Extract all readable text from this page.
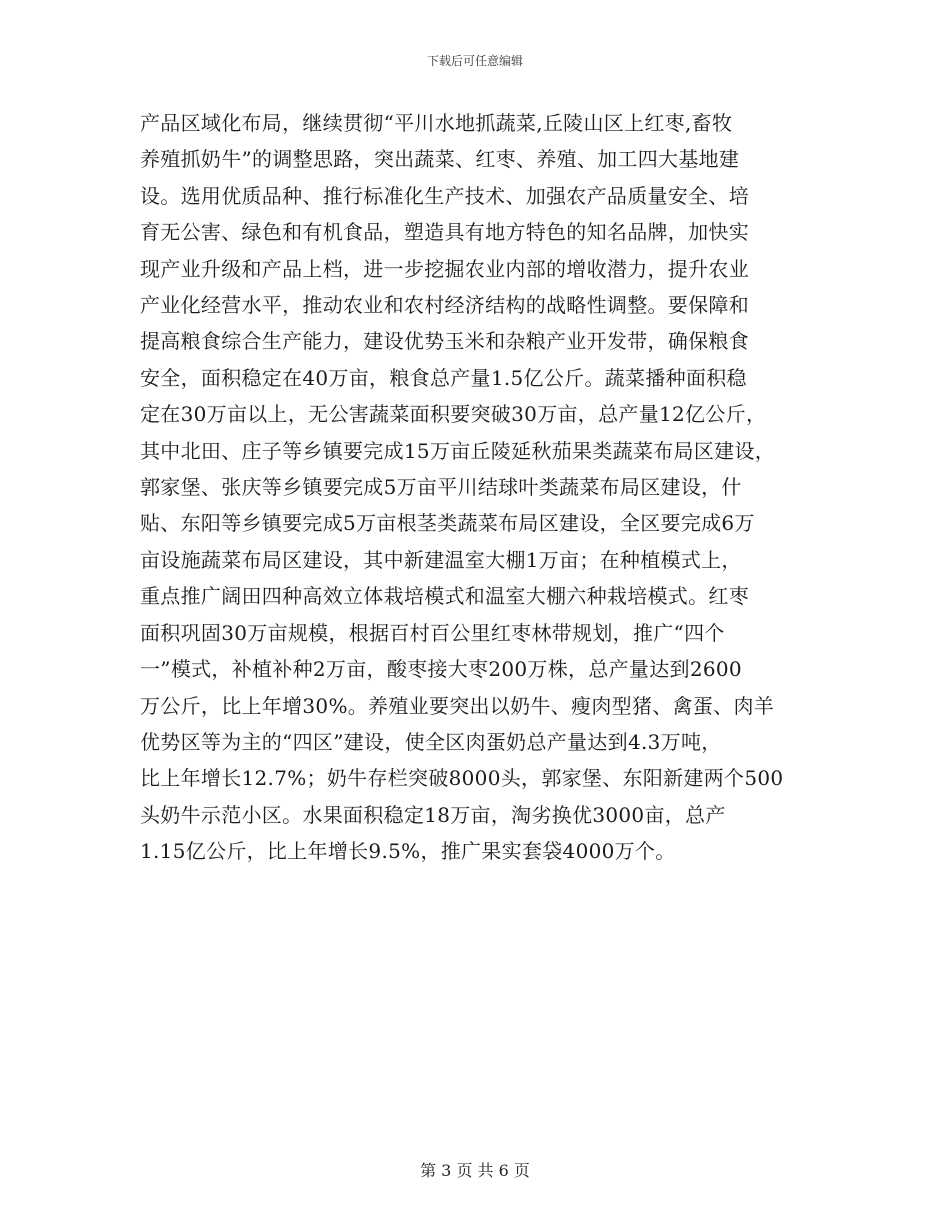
下载后可任意编辑
产品区域化布局，继续贯彻“平川水地抓蔬菜,丘陵山区上红枣,畜牧
养殖抓奶牛”的调整思路，突出蔬菜、红枣、养殖、加工四大基地建
设。选用优质品种、推行标准化生产技术、加强农产品质量安全、培
育无公害、绿色和有机食品，塑造具有地方特色的知名品牌，加快实
现产业升级和产品上档，进一步挖掘农业内部的增收潜力，提升农业
产业化经营水平，推动农业和农村经济结构的战略性调整。要保障和
提高粮食综合生产能力，建设优势玉米和杂粮产业开发带，确保粮食
安全，面积稳定在40万亩，粮食总产量1.5亿公斤。蔬菜播种面积稳
定在30万亩以上，无公害蔬菜面积要突破30万亩，总产量12亿公斤，
其中北田、庄子等乡镇要完成15万亩丘陵延秋茄果类蔬菜布局区建设，
郭家堡、张庆等乡镇要完成5万亩平川结球叶类蔬菜布局区建设，什
贴、东阳等乡镇要完成5万亩根茎类蔬菜布局区建设，全区要完成6万
亩设施蔬菜布局区建设，其中新建温室大棚1万亩；在种植模式上，
重点推广阔田四种高效立体栽培模式和温室大棚六种栽培模式。红枣
面积巩固30万亩规模，根据百村百公里红枣林带规划，推广“四个
一”模式，补植补种2万亩，酸枣接大枣200万株，总产量达到2600
万公斤，比上年增30%。养殖业要突出以奶牛、瘦肉型猪、禽蛋、肉羊
优势区等为主的“四区”建设，使全区肉蛋奶总产量达到4.3万吨，
比上年增长12.7%；奶牛存栏突破8000头，郭家堡、东阳新建两个500
头奶牛示范小区。水果面积稳定18万亩，淘劣换优3000亩，总产
1.15亿公斤，比上年增长9.5%，推广果实套袋4000万个。
第 3 页 共 6 页
